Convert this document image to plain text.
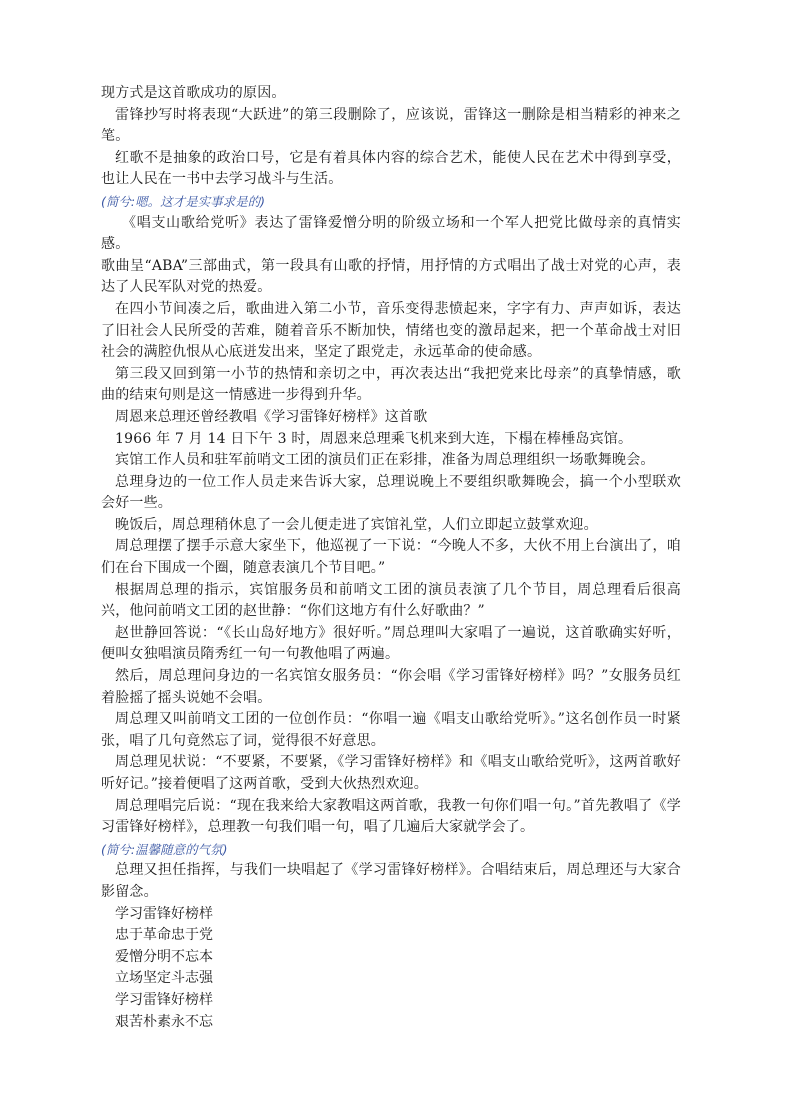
现方式是这首歌成功的原因。

雷锋抄写时将表现“大跃进”的第三段删除了，应该说，雷锋这一删除是相当精彩的神来之笔。

红歌不是抽象的政治口号，它是有着具体内容的综合艺术，能使人民在艺术中得到享受，也让人民在一书中去学习战斗与生活。

(简兮:嗯。这才是实事求是的)

《唱支山歌给党听》表达了雷锋爱憎分明的阶级立场和一个军人把党比做母亲的真情实感。

歌曲呈“ABA”三部曲式，第一段具有山歌的抒情，用抒情的方式唱出了战士对党的心声，表达了人民军队对党的热爱。

在四小节间凑之后，歌曲进入第二小节，音乐变得悲愤起来，字字有力、声声如诉，表达了旧社会人民所受的苦难，随着音乐不断加快，情绪也变的激昂起来，把一个革命战士对旧社会的满腔仇恨从心底迸发出来，坚定了跟党走，永远革命的使命感。

第三段又回到第一小节的热情和亲切之中，再次表达出“我把党来比母亲”的真挚情感，歌曲的结束句则是这一情感进一步得到升华。

周恩来总理还曾经教唱《学习雷锋好榜样》这首歌

1966 年 7 月 14 日下午 3 时，周恩来总理乘飞机来到大连，下榻在棒棰岛宾馆。

宾馆工作人员和驻军前哨文工团的演员们正在彩排，准备为周总理组织一场歌舞晚会。

总理身边的一位工作人员走来告诉大家，总理说晚上不要组织歌舞晚会，搞一个小型联欢会好一些。

晚饭后，周总理稍休息了一会儿便走进了宾馆礼堂，人们立即起立鼓掌欢迎。

周总理摆了摆手示意大家坐下，他巡视了一下说：“今晚人不多，大伙不用上台演出了，咱们在台下围成一个圈，随意表演几个节目吧。”

根据周总理的指示，宾馆服务员和前哨文工团的演员表演了几个节目，周总理看后很高兴，他问前哨文工团的赵世静：“你们这地方有什么好歌曲？”

赵世静回答说：“《长山岛好地方》很好听。”周总理叫大家唱了一遍说，这首歌确实好听，便叫女独唱演员隋秀红一句一句教他唱了两遍。

然后，周总理问身边的一名宾馆女服务员：“你会唱《学习雷锋好榜样》吗？”女服务员红着脸摇了摇头说她不会唱。

周总理又叫前哨文工团的一位创作员：“你唱一遍《唱支山歌给党听》。”这名创作员一时紧张，唱了几句竟然忘了词，觉得很不好意思。

周总理见状说：“不要紧，不要紧，《学习雷锋好榜样》和《唱支山歌给党听》，这两首歌好听好记。”接着便唱了这两首歌，受到大伙热烈欢迎。

周总理唱完后说：“现在我来给大家教唱这两首歌，我教一句你们唱一句。”首先教唱了《学习雷锋好榜样》，总理教一句我们唱一句，唱了几遍后大家就学会了。

(简兮:温馨随意的气氛)

总理又担任指挥，与我们一块唱起了《学习雷锋好榜样》。合唱结束后，周总理还与大家合影留念。

学习雷锋好榜样

忠于革命忠于党

爱憎分明不忘本

立场坚定斗志强

学习雷锋好榜样

艰苦朴素永不忘
